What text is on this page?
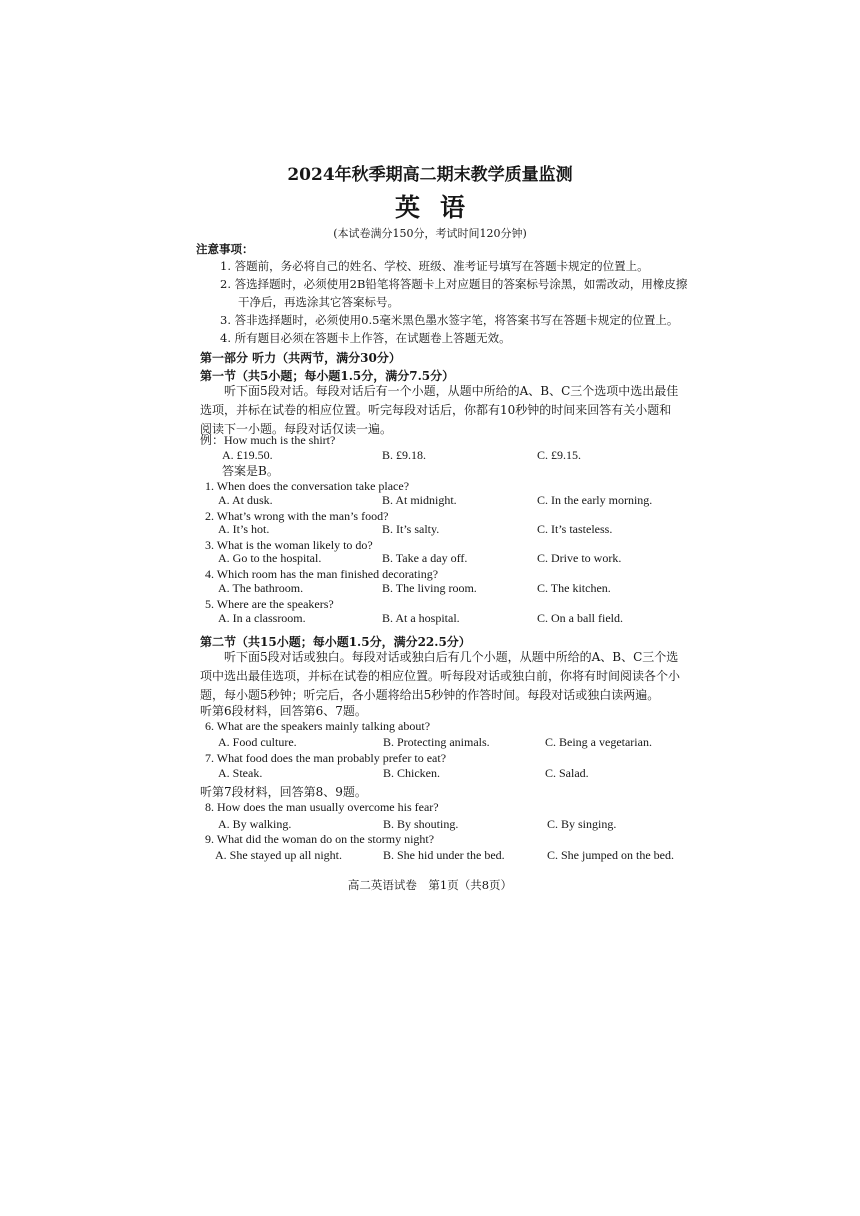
2024年秋季期高二期末教学质量监测
英语
(本试卷满分150分，考试时间120分钟)
注意事项：
1. 答题前，务必将自己的姓名、学校、班级、准考证号填写在答题卡规定的位置上。
2. 答选择题时，必须使用2B铅笔将答题卡上对应题目的答案标号涂黑，如需改动，用橡皮擦
干净后，再选涂其它答案标号。
3. 答非选择题时，必须使用0.5毫米黑色墨水签字笔，将答案书写在答题卡规定的位置上。
4. 所有题目必须在答题卡上作答，在试题卷上答题无效。
第一部分 听力（共两节，满分30分）
第一节（共5小题；每小题1.5分，满分7.5分）
听下面5段对话。每段对话后有一个小题，从题中所给的A、B、C三个选项中选出最佳选项，并标在试卷的相应位置。听完每段对话后，你都有10秒钟的时间来回答有关小题和阅读下一小题。每段对话仅读一遍。
例：How much is the shirt?
A. £19.50.	B. £9.18.	C. £9.15.
答案是B。
1. When does the conversation take place?
A. At dusk.	B. At midnight.	C. In the early morning.
2. What’s wrong with the man’s food?
A. It’s hot.	B. It’s salty.	C. It’s tasteless.
3. What is the woman likely to do?
A. Go to the hospital.	B. Take a day off.	C. Drive to work.
4. Which room has the man finished decorating?
A. The bathroom.	B. The living room.	C. The kitchen.
5. Where are the speakers?
A. In a classroom.	B. At a hospital.	C. On a ball field.
第二节（共15小题；每小题1.5分，满分22.5分）
听下面5段对话或独白。每段对话或独白后有几个小题，从题中所给的A、B、C三个选项中选出最佳选项，并标在试卷的相应位置。听每段对话或独白前，你将有时间阅读各个小题，每小题5秒钟；听完后，各小题将给出5秒钟的作答时间。每段对话或独白读两遍。
听第6段材料，回答第6、7题。
6. What are the speakers mainly talking about?
A. Food culture.	B. Protecting animals.	C. Being a vegetarian.
7. What food does the man probably prefer to eat?
A. Steak.	B. Chicken.	C. Salad.
听第7段材料，回答第8、9题。
8. How does the man usually overcome his fear?
A. By walking.	B. By shouting.	C. By singing.
9. What did the woman do on the stormy night?
A. She stayed up all night.	B. She hid under the bed.	C. She jumped on the bed.
高二英语试卷　第1页（共8页）
